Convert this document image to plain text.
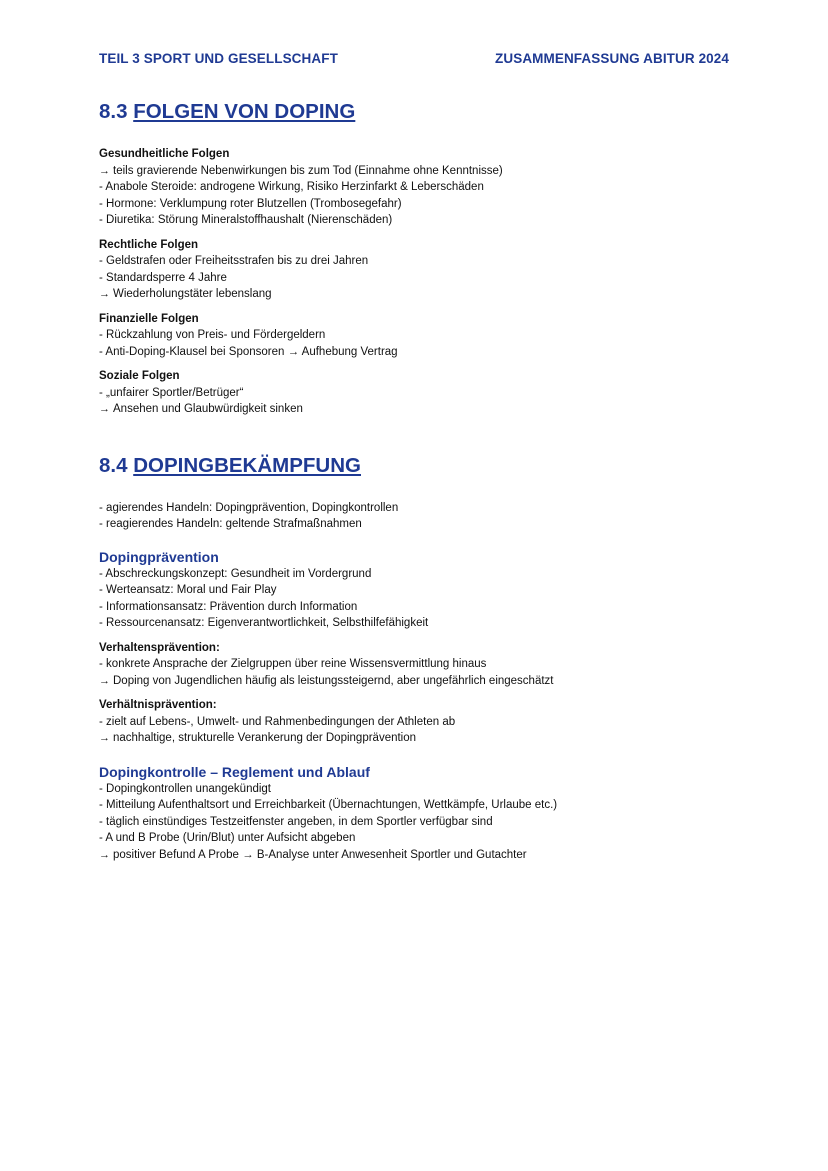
TEIL 3 SPORT UND GESELLSCHAFT	ZUSAMMENFASSUNG ABITUR 2024
8.3 FOLGEN VON DOPING
Gesundheitliche Folgen
→ teils gravierende Nebenwirkungen bis zum Tod (Einnahme ohne Kenntnisse)
- Anabole Steroide: androgene Wirkung, Risiko Herzinfarkt & Leberschäden
- Hormone: Verklumpung roter Blutzellen (Trombosegefahr)
- Diuretika: Störung Mineralstoffhaushalt (Nierenschäden)
Rechtliche Folgen
- Geldstrafen oder Freiheitsstrafen bis zu drei Jahren
- Standardsperre 4 Jahre
→ Wiederholungstäter lebenslang
Finanzielle Folgen
- Rückzahlung von Preis- und Fördergeldern
- Anti-Doping-Klausel bei Sponsoren → Aufhebung Vertrag
Soziale Folgen
- „unfairer Sportler/Betrüger“
→ Ansehen und Glaubwürdigkeit sinken
8.4 DOPINGBEKÄMPFUNG
- agierendes Handeln: Dopingprävention, Dopingkontrollen
- reagierendes Handeln: geltende Strafmaßnahmen
Dopingprävention
- Abschreckungskonzept: Gesundheit im Vordergrund
- Werteansatz: Moral und Fair Play
- Informationsansatz: Prävention durch Information
- Ressourcenansatz: Eigenverantwortlichkeit, Selbsthilfefähigkeit
Verhaltensprävention:
- konkrete Ansprache der Zielgruppen über reine Wissensvermittlung hinaus
→ Doping von Jugendlichen häufig als leistungssteigernd, aber ungefährlich eingeschätzt
Verhältnisprävention:
- zielt auf Lebens-, Umwelt- und Rahmenbedingungen der Athleten ab
→ nachhaltige, strukturelle Verankerung der Dopingprävention
Dopingkontrolle – Reglement und Ablauf
- Dopingkontrollen unangekündigt
- Mitteilung Aufenthaltsort und Erreichbarkeit (Übernachtungen, Wettkämpfe, Urlaube etc.)
- täglich einstündiges Testzeitfenster angeben, in dem Sportler verfügbar sind
- A und B Probe (Urin/Blut) unter Aufsicht abgeben
→ positiver Befund A Probe → B-Analyse unter Anwesenheit Sportler und Gutachter
